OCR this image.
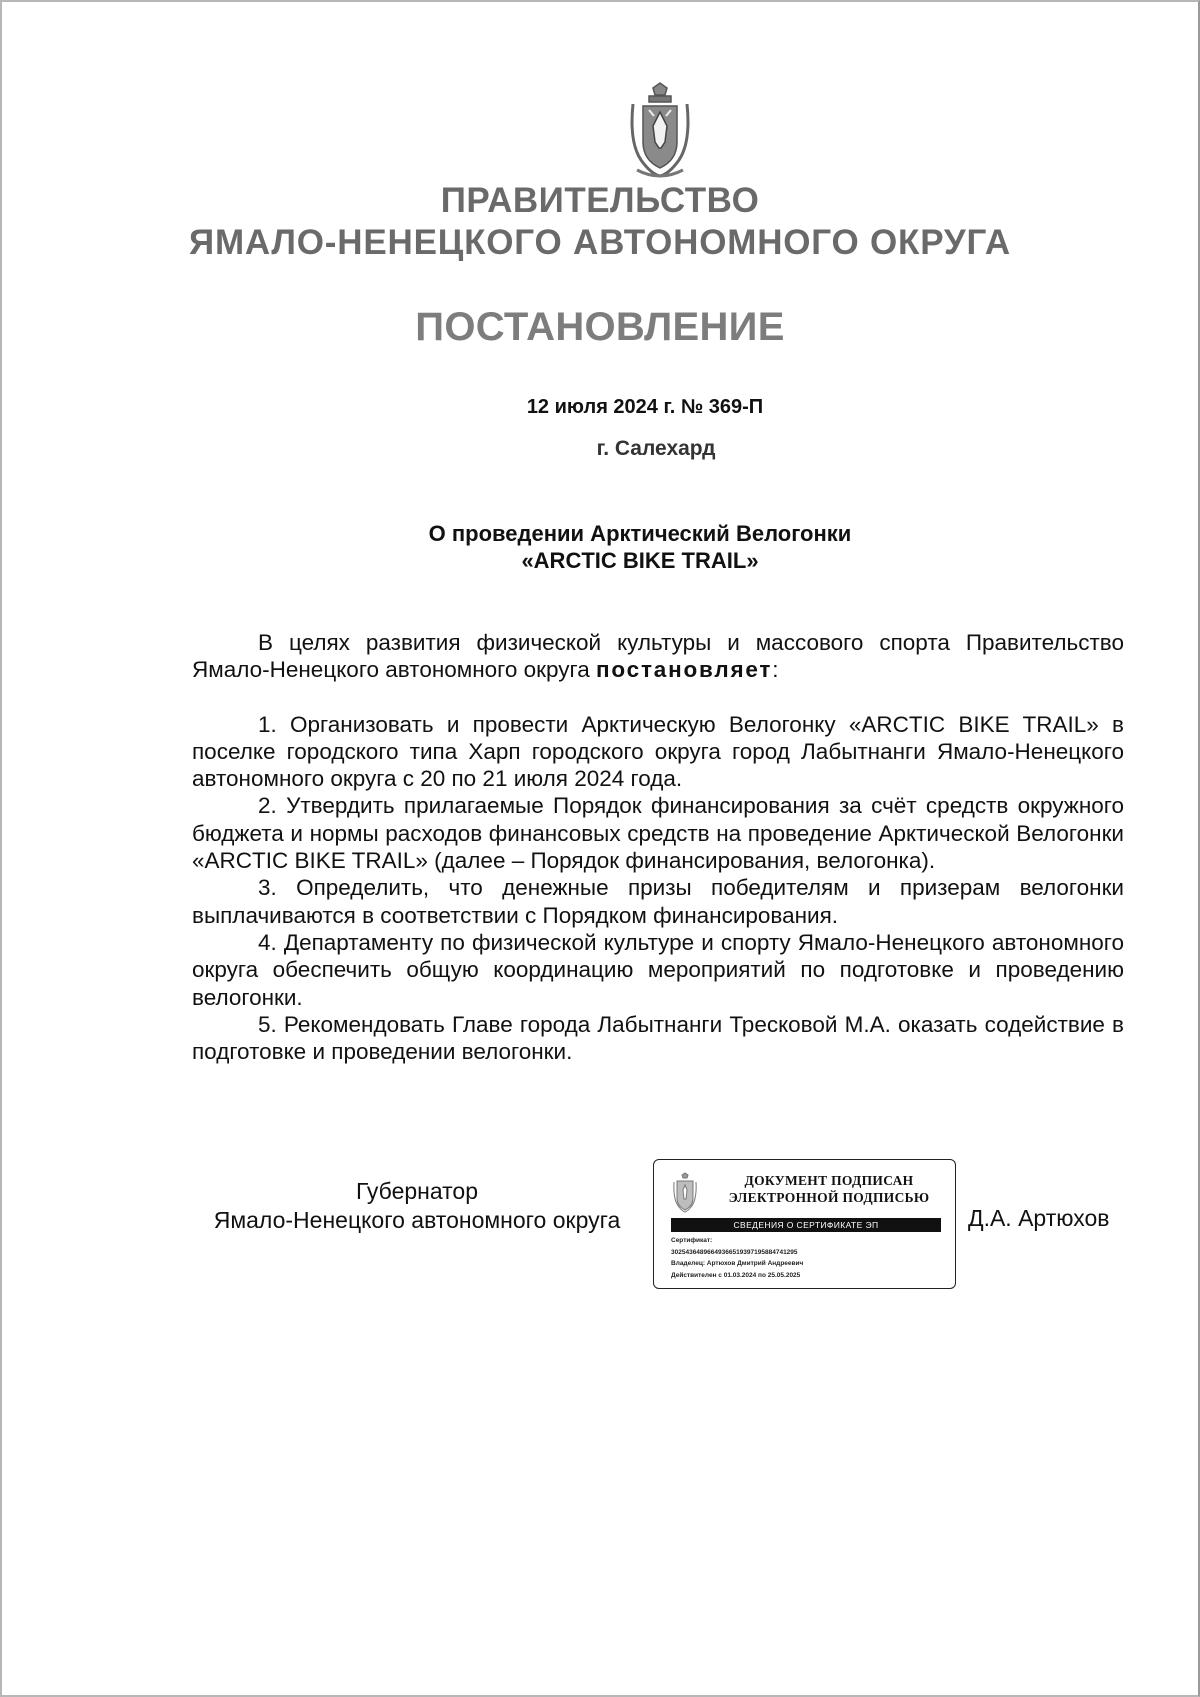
ПРАВИТЕЛЬСТВО
ЯМАЛО-НЕНЕЦКОГО АВТОНОМНОГО ОКРУГА
ПОСТАНОВЛЕНИЕ
12 июля 2024 г. № 369-П
г. Салехард
О проведении Арктический Велогонки
«ARCTIC BIKE TRAIL»

В целях развития физической культуры и массового спорта Правительство Ямало-Ненецкого автономного округа постановляет:

1. Организовать и провести Арктическую Велогонку «ARCTIC BIKE TRAIL» в поселке городского типа Харп городского округа город Лабытнанги Ямало-Ненецкого автономного округа с 20 по 21 июля 2024 года.

2. Утвердить прилагаемые Порядок финансирования за счёт средств окружного бюджета и нормы расходов финансовых средств на проведение Арктической Велогонки «ARCTIC BIKE TRAIL» (далее – Порядок финансирования, велогонка).

3. Определить, что денежные призы победителям и призерам велогонки выплачиваются в соответствии с Порядком финансирования.

4. Департаменту по физической культуре и спорту Ямало-Ненецкого автономного округа обеспечить общую координацию мероприятий по подготовке и проведению велогонки.

5. Рекомендовать Главе города Лабытнанги Тресковой М.А. оказать содействие в подготовке и проведении велогонки.

Губернатор
Ямало-Ненецкого автономного округа
ДОКУМЕНТ ПОДПИСАН
ЭЛЕКТРОННОЙ ПОДПИСЬЮ
СВЕДЕНИЯ О СЕРТИФИКАТЕ ЭП
Сертификат:
30254364896649366519397195884741295
Владелец: Артюхов Дмитрий Андреевич
Действителен с 01.03.2024 по 25.05.2025
Д.А. Артюхов
